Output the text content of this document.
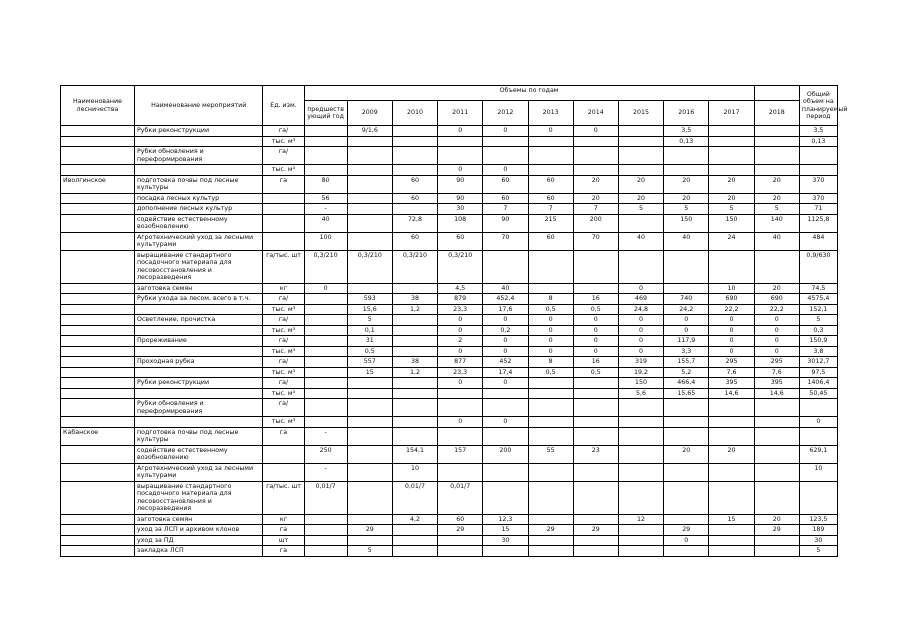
Наименование лесничества	Наименование мероприятий	Ед. изм.	Объемы по годам											Общий объем на планируемый период
			предшеств ующий год	2009	2010	2011	2012	2013	2014	2015	2016	2017	2018	
	Рубки реконструкции	га/		9/1,6		0	0	0	0		3,5			3,5
		тыс. м³									0,13			0,13
	Рубки обновления и переформирования	га/												
		тыс. м³				0	0							
Иволгинское	подготовка почвы под лесные культуры	га	80		60	90	60	60	20	20	20	20	20	370
	посадка лесных культур		56		60	90	60	60	20	20	20	20	20	370
	дополнение лесных культур		-			30	7	7	7	5	5	5	5	71
	содействие естественному возобновлению		40		72,8	108	90	215	200		150	150	140	1125,8
	Агротехнический уход за лесными культурами		100		60	60	70	60	70	40	40	24	40	484
	выращивание стандартного посадочного материала для лесовосстановления и лесоразведения	га/тыс. шт	0,3/210	0,3/210	0,3/210	0,3/210								0,9/630
	заготовка семян	кг	0			4,5	40			0		10	20	74,5
	Рубки ухода за лесом, всего в т.ч.	га/		593	38	879	452,4	8	16	469	740	690	690	4575,4
		тыс. м³		15,6	1,2	23,3	17,6	0,5	0,5	24,8	24,2	22,2	22,2	152,1
	Осветление, прочистка	га/		5		0	0	0	0	0	0	0	0	5
		тыс. м³		0,1		0	0,2	0	0	0	0	0	0	0,3
	Прореживание	га/		31		2	0	0	0	0	117,9	0	0	150,9
		тыс. м³		0,5		0	0	0	0	0	3,3	0	0	3,8
	Проходная рубка	га/		557	38	877	452	8	16	319	155,7	295	295	3012,7
		тыс. м³		15	1,2	23,3	17,4	0,5	0,5	19,2	5,2	7,6	7,6	97,5
	Рубки реконструкции	га/				0	0			150	466,4	395	395	1406,4
		тыс. м³								5,6	15,65	14,6	14,6	50,45
	Рубки обновления и переформирования	га/												
		тыс. м³				0	0							0
Кабанское	подготовка почвы под лесные культуры	га	-											
	содействие естественному возобновлению		250		154,1	157	200	55	23		20	20		629,1
	Агротехнический уход за лесными культурами		-		10									10
	выращивание стандартного посадочного материала для лесовосстановления и лесоразведения	га/тыс. шт	0,01/7		0,01/7	0,01/7								
	заготовка семян	кг			4,2	60	12,3			12		15	20	123,5
	уход за ЛСП и архивом клонов	га		29		29	15	29	29		29		29	189
	уход за ПД	шт					30				0			30
	закладка ЛСП	га		5										5
